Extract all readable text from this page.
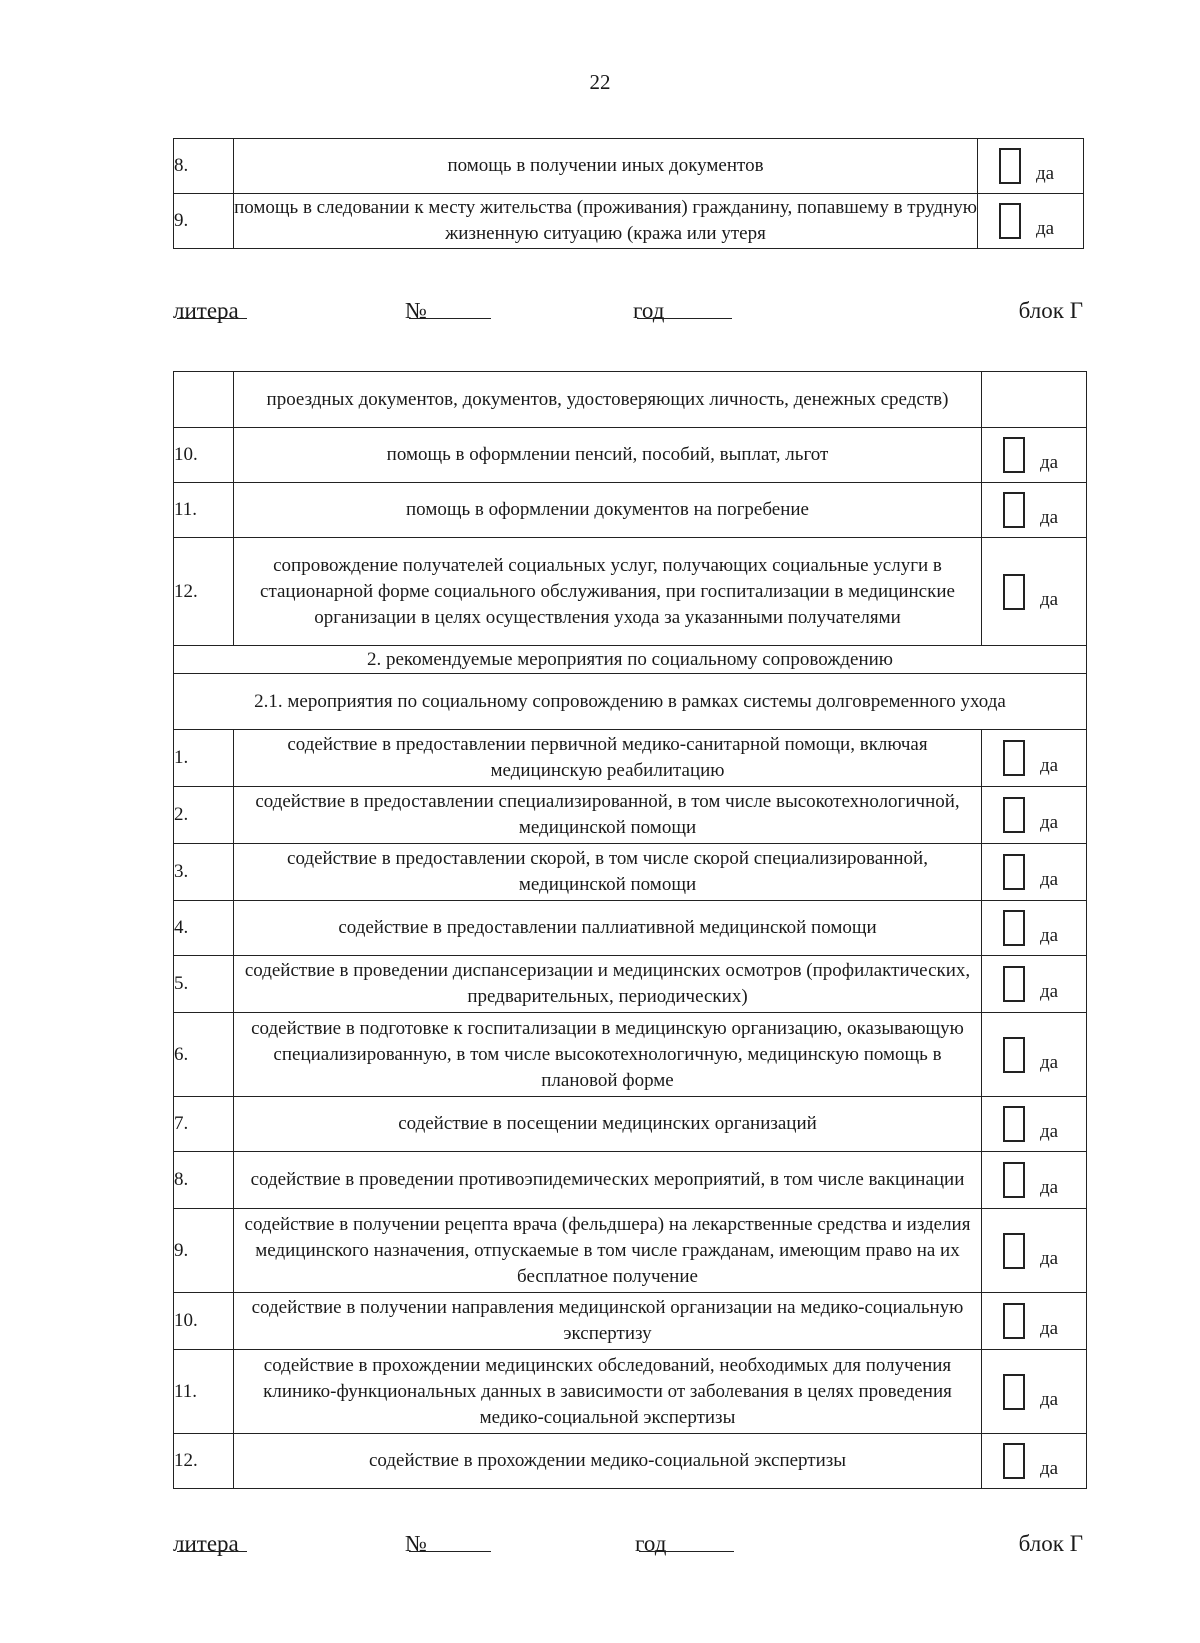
22
8.	помощь в получении иных документов	да

9.	помощь в следовании к месту жительства (проживания) гражданину, попавшему в трудную жизненную ситуацию (кража или утеря	да
литера	№	год	блок Г
	проездных документов, документов, удостоверяющих личность, денежных средств)	
10.	помощь в оформлении пенсий, пособий, выплат, льгот	да

11.	помощь в оформлении документов на погребение	да

12.	сопровождение получателей социальных услуг, получающих социальные услуги в стационарной форме социального обслуживания, при госпитализации в медицинские организации в целях осуществления ухода за указанными получателями	да

2. рекомендуемые мероприятия по социальному сопровождению		
2.1. мероприятия по социальному сопровождению в рамках системы долговременного ухода		
1.	содействие в предоставлении первичной медико-санитарной помощи, включая медицинскую реабилитацию	да

2.	содействие в предоставлении специализированной, в том числе высокотехнологичной, медицинской помощи	да

3.	содействие в предоставлении скорой, в том числе скорой специализированной, медицинской помощи	да

4.	содействие в предоставлении паллиативной медицинской помощи	да

5.	содействие в проведении диспансеризации и медицинских осмотров (профилактических, предварительных, периодических)	да

6.	содействие в подготовке к госпитализации в медицинскую организацию, оказывающую специализированную, в том числе высокотехнологичную, медицинскую помощь в плановой форме	да

7.	содействие в посещении медицинских организаций	да

8.	содействие в проведении противоэпидемических мероприятий, в том числе вакцинации	да

9.	содействие в получении рецепта врача (фельдшера) на лекарственные средства и изделия медицинского назначения, отпускаемые в том числе гражданам, имеющим право на их бесплатное получение	да

10.	содействие в получении направления медицинской организации на медико-социальную экспертизу	да

11.	содействие в прохождении медицинских обследований, необходимых для получения клинико-функциональных данных в зависимости от заболевания в целях проведения медико-социальной экспертизы	да

12.	содействие в прохождении медико-социальной экспертизы	да
литера	№	год	блок Г
